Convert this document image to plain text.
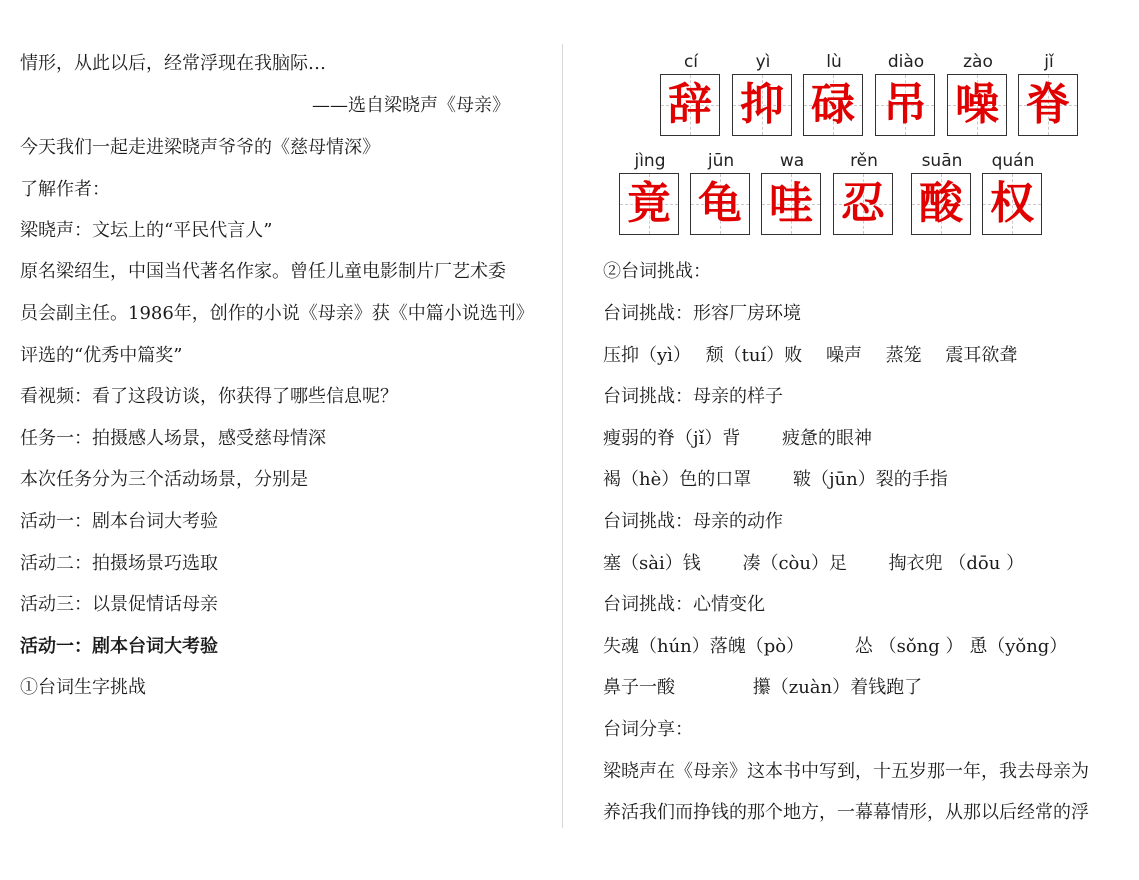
情形，从此以后，经常浮现在我脑际…
——选自梁晓声《母亲》
今天我们一起走进梁晓声爷爷的《慈母情深》
了解作者：
梁晓声：文坛上的“平民代言人”
原名梁绍生，中国当代著名作家。曾任儿童电影制片厂艺术委
员会副主任。1986年，创作的小说《母亲》获《中篇小说选刊》
评选的“优秀中篇奖”
看视频：看了这段访谈，你获得了哪些信息呢？
任务一：拍摄感人场景，感受慈母情深
本次任务分为三个活动场景，分别是
活动一：剧本台词大考验
活动二：拍摄场景巧选取
活动三：以景促情话母亲
活动一：剧本台词大考验
①台词生字挑战
cí
辞
yì
抑
lù
碌
diào
吊
zào
噪
jǐ
脊
jìng
竟
jūn
龟
wa
哇
rěn
忍
suān
酸
quán
权
②台词挑战：
台词挑战：形容厂房环境
压抑（yì）　 颓（tuí）败　 噪声　 蒸笼　 震耳欲聋
台词挑战：母亲的样子
瘦弱的脊（jǐ）背　　 疲惫的眼神
褐（hè）色的口罩　　 皲（jūn）裂的手指
台词挑战：母亲的动作
塞（sài）钱　　 凑（còu）足　　 掏衣兜 （dōu ）
台词挑战：心情变化
失魂（hún）落魄（pò）　　　 怂 （sǒng ） 恿（yǒng）
鼻子一酸　　　　 攥（zuàn）着钱跑了
台词分享：
梁晓声在《母亲》这本书中写到，十五岁那一年，我去母亲为
养活我们而挣钱的那个地方，一幕幕情形，从那以后经常的浮
